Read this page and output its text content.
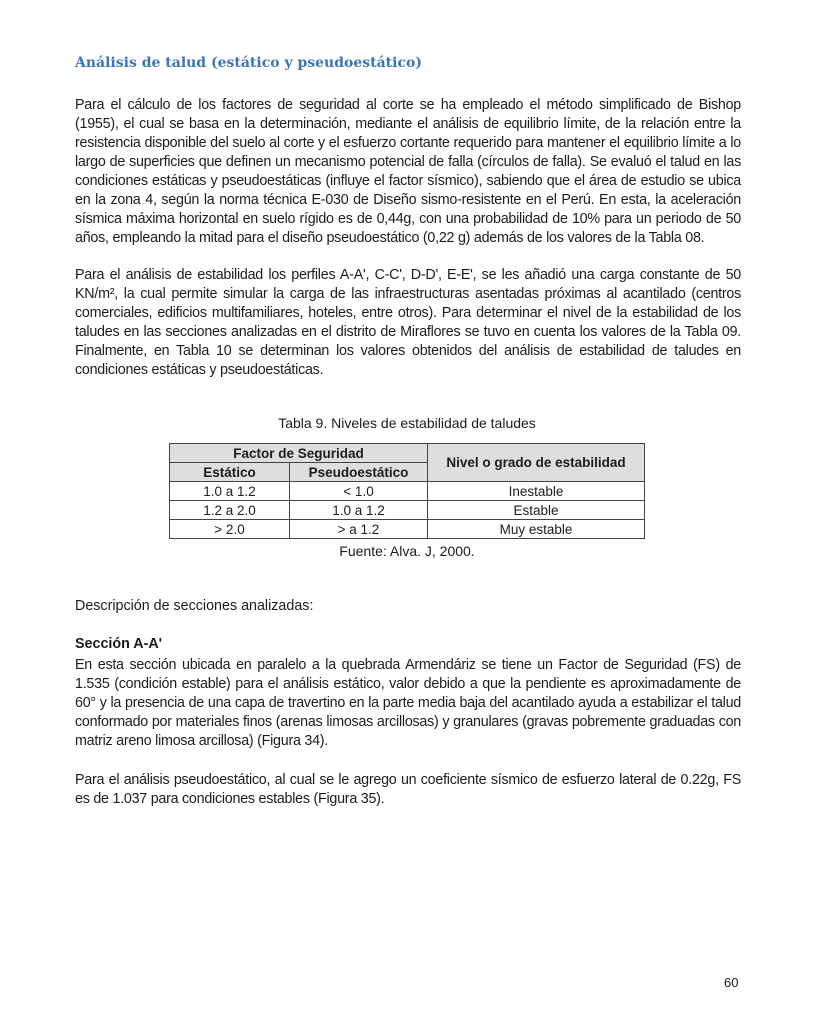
Análisis de talud (estático y pseudoestático)

Para el cálculo de los factores de seguridad al corte se ha empleado el método simplificado de Bishop (1955), el cual se basa en la determinación, mediante el análisis de equilibrio límite, de la relación entre la resistencia disponible del suelo al corte y el esfuerzo cortante requerido para mantener el equilibrio límite a lo largo de superficies que definen un mecanismo potencial de falla (círculos de falla). Se evaluó el talud en las condiciones estáticas y pseudoestáticas (influye el factor sísmico), sabiendo que el área de estudio se ubica en la zona 4, según la norma técnica E-030 de Diseño sismo-resistente en el Perú. En esta, la aceleración sísmica máxima horizontal en suelo rígido es de 0,44g, con una probabilidad de 10% para un periodo de 50 años, empleando la mitad para el diseño pseudoestático (0,22 g) además de los valores de la Tabla 08.

Para el análisis de estabilidad los perfiles A-A', C-C', D-D', E-E', se les añadió una carga constante de 50 KN/m², la cual permite simular la carga de las infraestructuras asentadas próximas al acantilado (centros comerciales, edificios multifamiliares, hoteles, entre otros). Para determinar el nivel de la estabilidad de los taludes en las secciones analizadas en el distrito de Miraflores se tuvo en cuenta los valores de la Tabla 09. Finalmente, en Tabla 10 se determinan los valores obtenidos del análisis de estabilidad de taludes en condiciones estáticas y pseudoestáticas.

Tabla 9. Niveles de estabilidad de taludes
Factor de Seguridad		Nivel o grado de estabilidad
Estático	Pseudoestático	
1.0 a 1.2	< 1.0	Inestable
1.2 a 2.0	1.0 a 1.2	Estable
> 2.0	> a 1.2	Muy estable
Fuente: Alva. J, 2000.
Descripción de secciones analizadas:
Sección A-A'

En esta sección ubicada en paralelo a la quebrada Armendáriz se tiene un Factor de Seguridad (FS) de 1.535 (condición estable) para el análisis estático, valor debido a que la pendiente es aproximadamente de 60° y la presencia de una capa de travertino en la parte media baja del acantilado ayuda a estabilizar el talud conformado por materiales finos (arenas limosas arcillosas) y granulares (gravas pobremente graduadas con matriz areno limosa arcillosa) (Figura 34).

Para el análisis pseudoestático, al cual se le agrego un coeficiente sísmico de esfuerzo lateral de 0.22g, FS es de 1.037 para condiciones estables (Figura 35).

60
